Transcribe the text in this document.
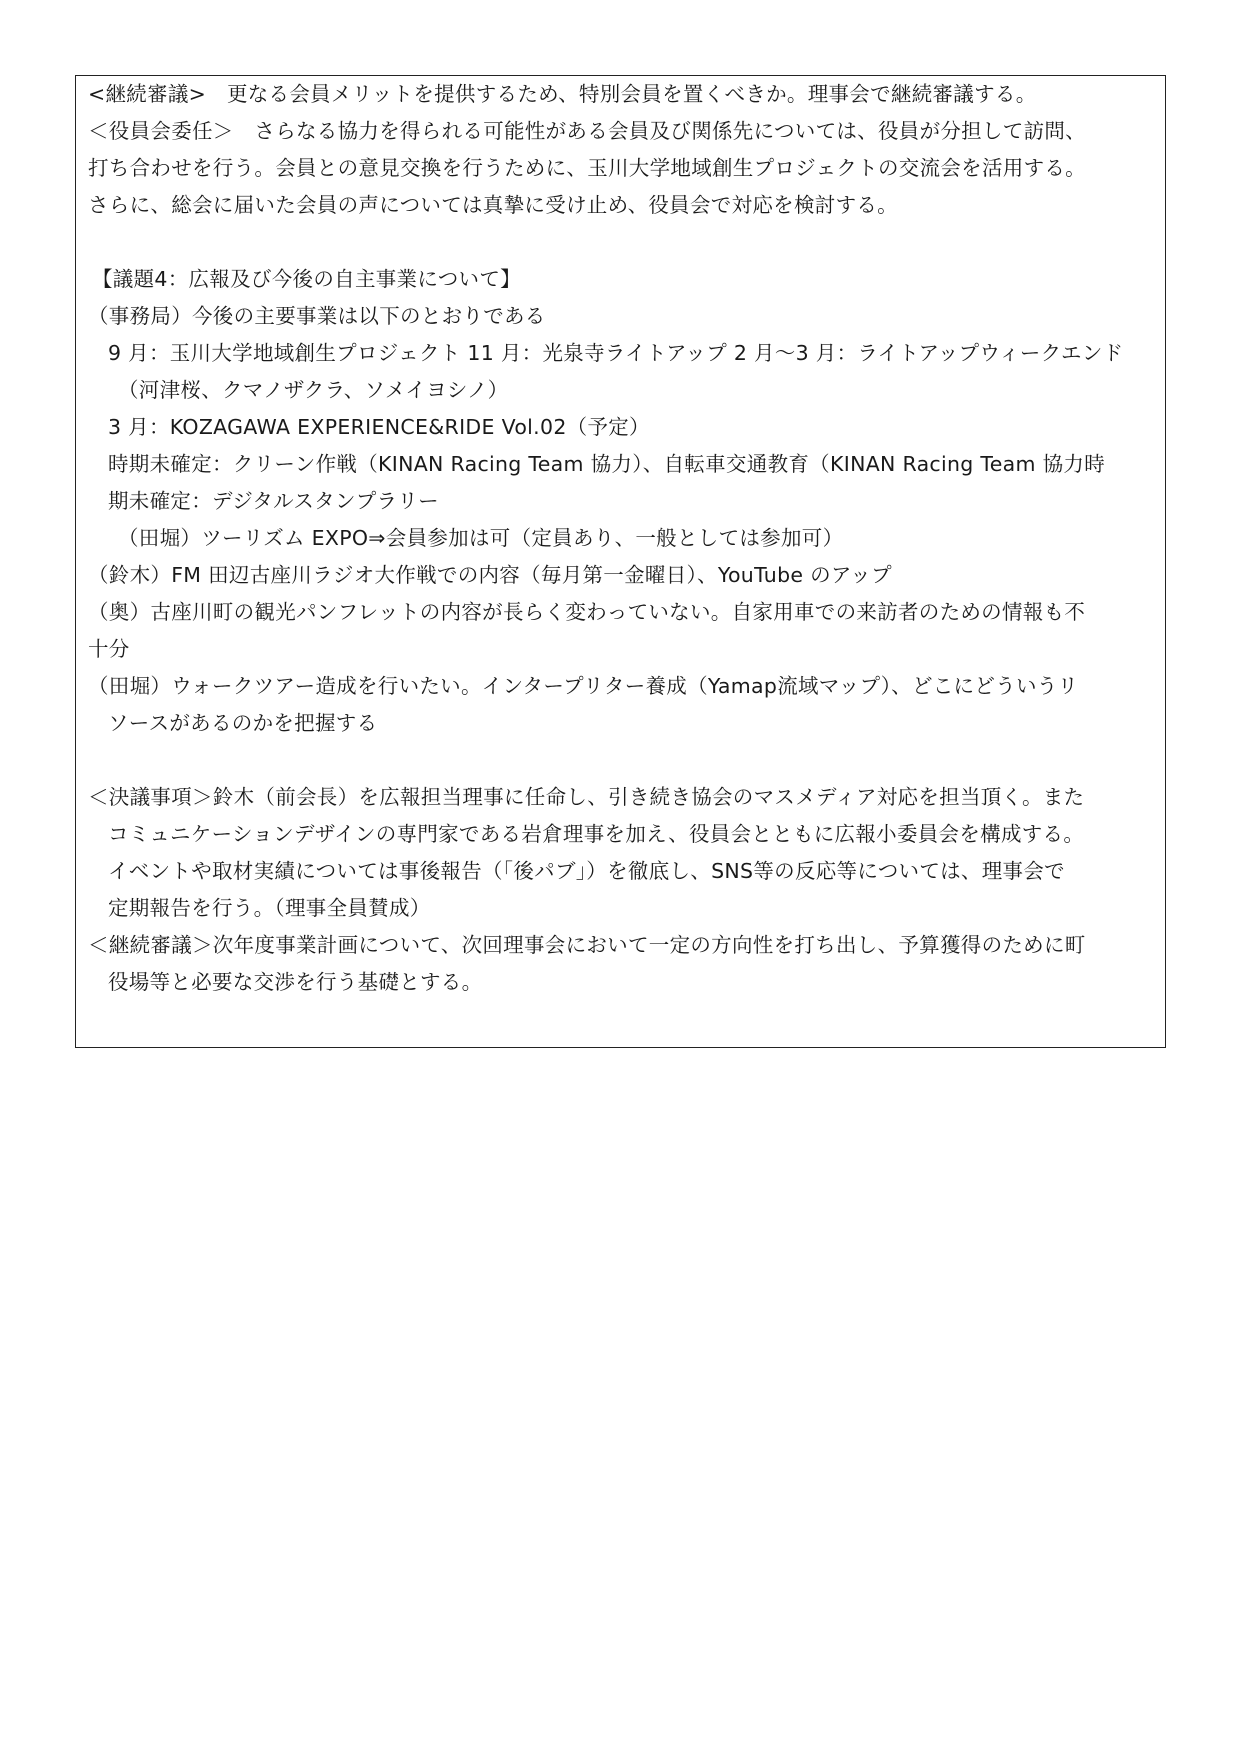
<継続審議>　更なる会員メリットを提供するため、特別会員を置くべきか。理事会で継続審議する。
＜役員会委任＞　さらなる協力を得られる可能性がある会員及び関係先については、役員が分担して訪問、
打ち合わせを行う。会員との意見交換を行うために、玉川大学地域創生プロジェクトの交流会を活用する。
さらに、総会に届いた会員の声については真摯に受け止め、役員会で対応を検討する。
【議題4：広報及び今後の自主事業について】
（事務局）今後の主要事業は以下のとおりである
9 月：玉川大学地域創生プロジェクト 11 月：光泉寺ライトアップ 2 月〜3 月：ライトアップウィークエンド
（河津桜、クマノザクラ、ソメイヨシノ）
3 月：KOZAGAWA EXPERIENCE&RIDE Vol.02（予定）
時期未確定：クリーン作戦（KINAN Racing Team 協力）、自転車交通教育（KINAN Racing Team 協力時
期未確定：デジタルスタンプラリー
（田堀）ツーリズム EXPO⇒会員参加は可（定員あり、一般としては参加可）
（鈴木）FM 田辺古座川ラジオ大作戦での内容（毎月第一金曜日）、YouTube のアップ
（奥）古座川町の観光パンフレットの内容が長らく変わっていない。自家用車での来訪者のための情報も不
十分
（田堀）ウォークツアー造成を行いたい。インタープリター養成（Yamap流域マップ）、どこにどういうリ
ソースがあるのかを把握する
＜決議事項＞鈴木（前会長）を広報担当理事に任命し、引き続き協会のマスメディア対応を担当頂く。また
コミュニケーションデザインの専門家である岩倉理事を加え、役員会とともに広報小委員会を構成する。
イベントや取材実績については事後報告（「後パブ」）を徹底し、SNS等の反応等については、理事会で
定期報告を行う。（理事全員賛成）
＜継続審議＞次年度事業計画について、次回理事会において一定の方向性を打ち出し、予算獲得のために町
役場等と必要な交渉を行う基礎とする。
